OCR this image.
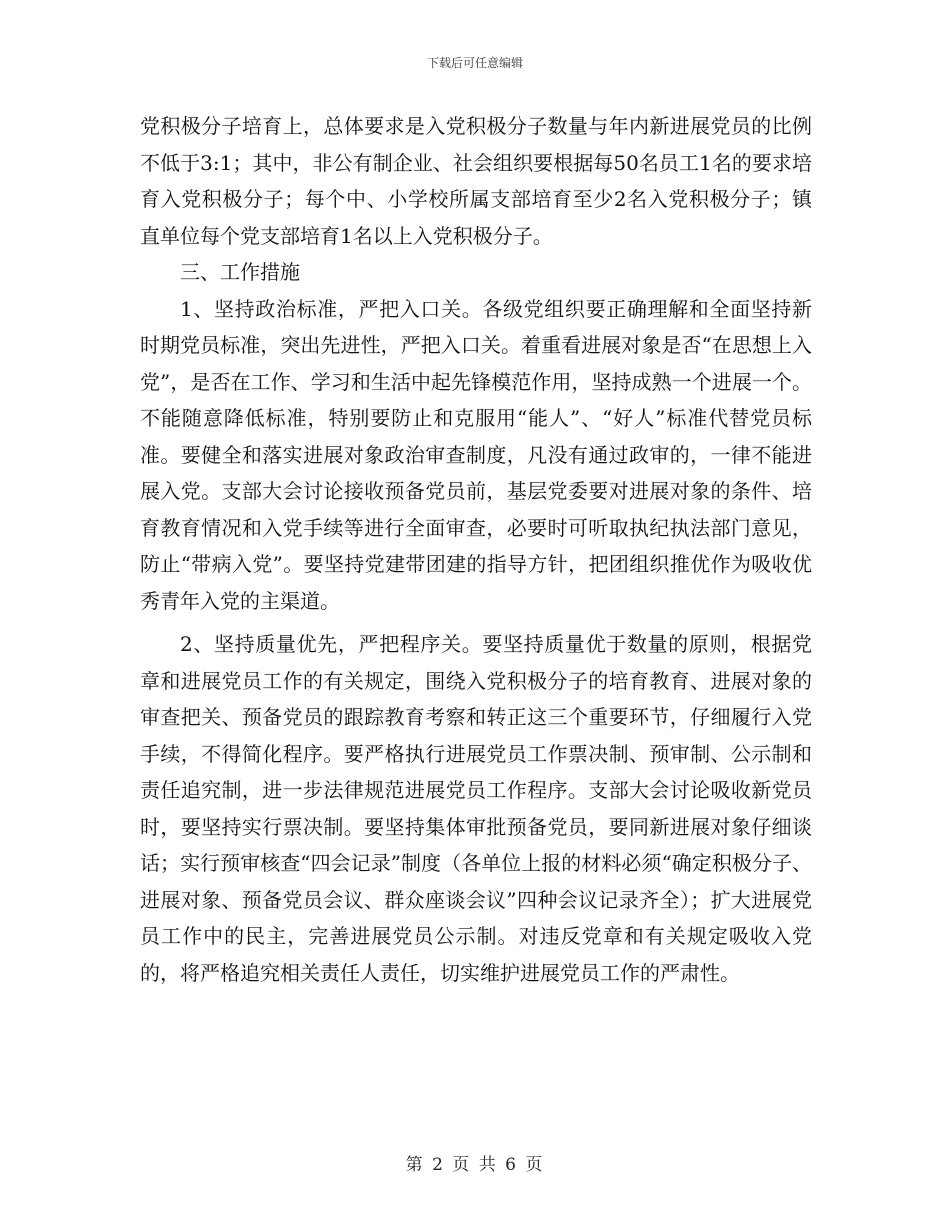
下载后可任意编辑

党积极分子培育上，总体要求是入党积极分子数量与年内新进展党员的比例不低于3:1；其中，非公有制企业、社会组织要根据每50名员工1名的要求培育入党积极分子；每个中、小学校所属支部培育至少2名入党积极分子；镇直单位每个党支部培育1名以上入党积极分子。

三、工作措施

1、坚持政治标准，严把入口关。各级党组织要正确理解和全面坚持新时期党员标准，突出先进性，严把入口关。着重看进展对象是否“在思想上入党”，是否在工作、学习和生活中起先锋模范作用，坚持成熟一个进展一个。不能随意降低标准，特别要防止和克服用“能人”、“好人”标准代替党员标准。要健全和落实进展对象政治审查制度，凡没有通过政审的，一律不能进展入党。支部大会讨论接收预备党员前，基层党委要对进展对象的条件、培育教育情况和入党手续等进行全面审查，必要时可听取执纪执法部门意见，防止“带病入党”。要坚持党建带团建的指导方针，把团组织推优作为吸收优秀青年入党的主渠道。

2、坚持质量优先，严把程序关。要坚持质量优于数量的原则，根据党章和进展党员工作的有关规定，围绕入党积极分子的培育教育、进展对象的审查把关、预备党员的跟踪教育考察和转正这三个重要环节，仔细履行入党手续，不得简化程序。要严格执行进展党员工作票决制、预审制、公示制和责任追究制，进一步法律规范进展党员工作程序。支部大会讨论吸收新党员时，要坚持实行票决制。要坚持集体审批预备党员，要同新进展对象仔细谈话；实行预审核查“四会记录”制度（各单位上报的材料必须“确定积极分子、进展对象、预备党员会议、群众座谈会议”四种会议记录齐全）；扩大进展党员工作中的民主，完善进展党员公示制。对违反党章和有关规定吸收入党的，将严格追究相关责任人责任，切实维护进展党员工作的严肃性。

第 2 页 共 6 页
